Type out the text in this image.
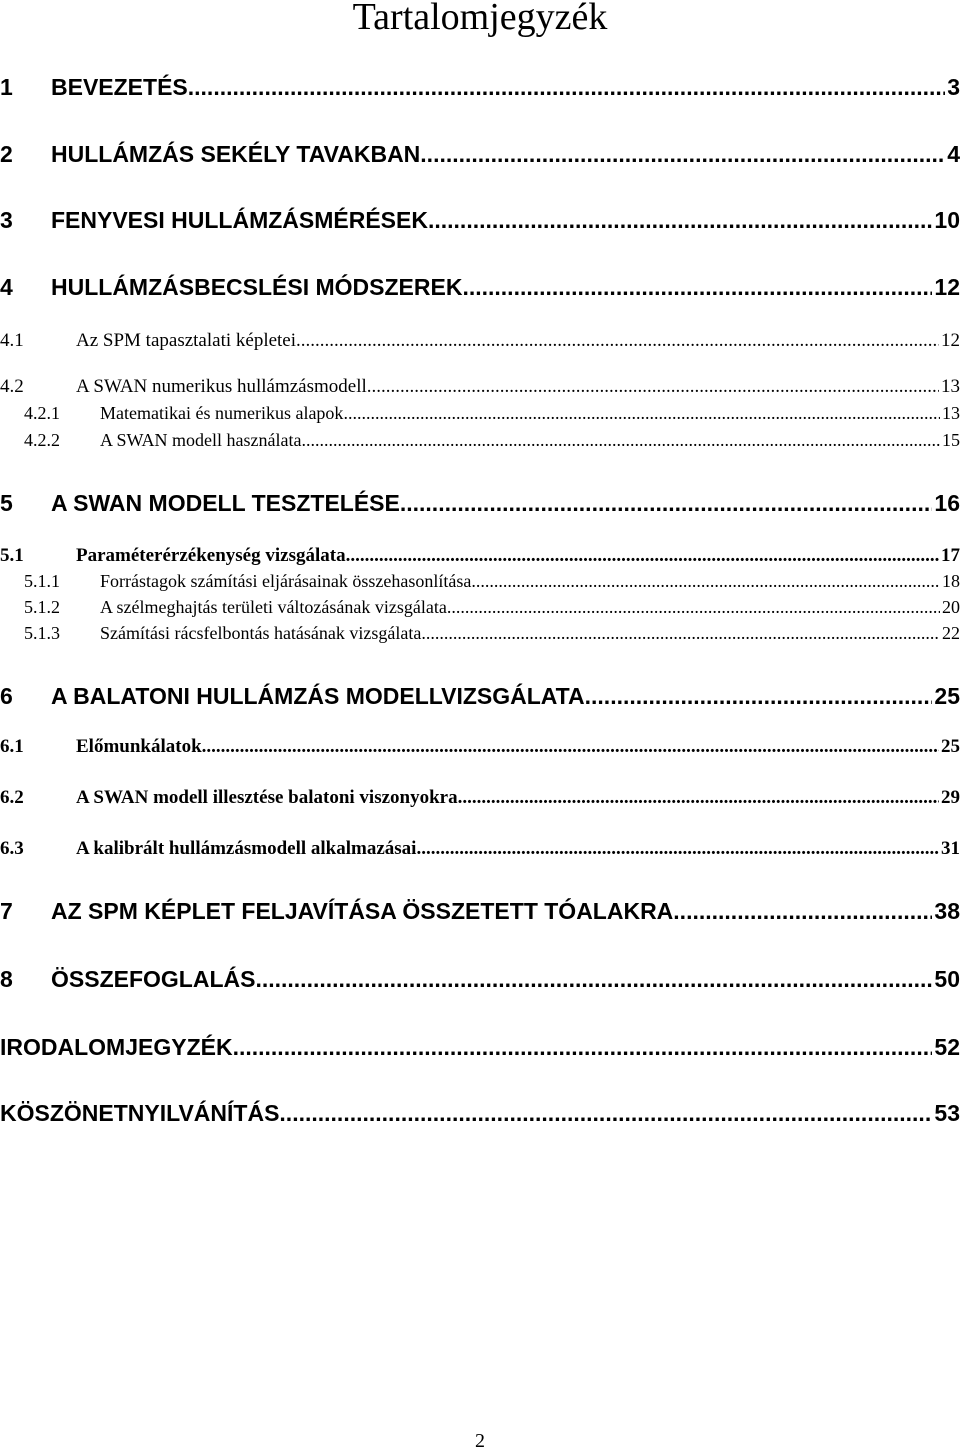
Tartalomjegyzék
1	BEVEZETÉS .....	3
2	HULLÁMZÁS SEKÉLY TAVAKBAN .....	4
3	FENYVESI HULLÁMZÁSMÉRÉSEK .....	10
4	HULLÁMZÁSBECSLÉSI MÓDSZEREK .....	12
4.1	Az SPM tapasztalati képletei .....	12
4.2	A SWAN numerikus hullámzásmodell .....	13
4.2.1	Matematikai és numerikus alapok .....	13
4.2.2	A SWAN modell használata .....	15
5	A SWAN MODELL TESZTELÉSE .....	16
5.1	Paraméterérzékenység vizsgálata .....	17
5.1.1	Forrástagok számítási eljárásainak összehasonlítása .....	18
5.1.2	A szélmeghajtás területi változásának vizsgálata .....	20
5.1.3	Számítási rácsfelbontás hatásának vizsgálata .....	22
6	A BALATONI HULLÁMZÁS MODELLVIZSGÁLATA .....	25
6.1	Előmunkálatok .....	25
6.2	A SWAN modell illesztése balatoni viszonyokra .....	29
6.3	A kalibrált hullámzásmodell alkalmazásai .....	31
7	AZ SPM KÉPLET FELJAVÍTÁSA ÖSSZETETT TÓALAKRA .....	38
8	ÖSSZEFOGLALÁS .....	50
IRODALOMJEGYZÉK .....	52
KÖSZÖNETNYILVÁNÍTÁS .....	53
2
